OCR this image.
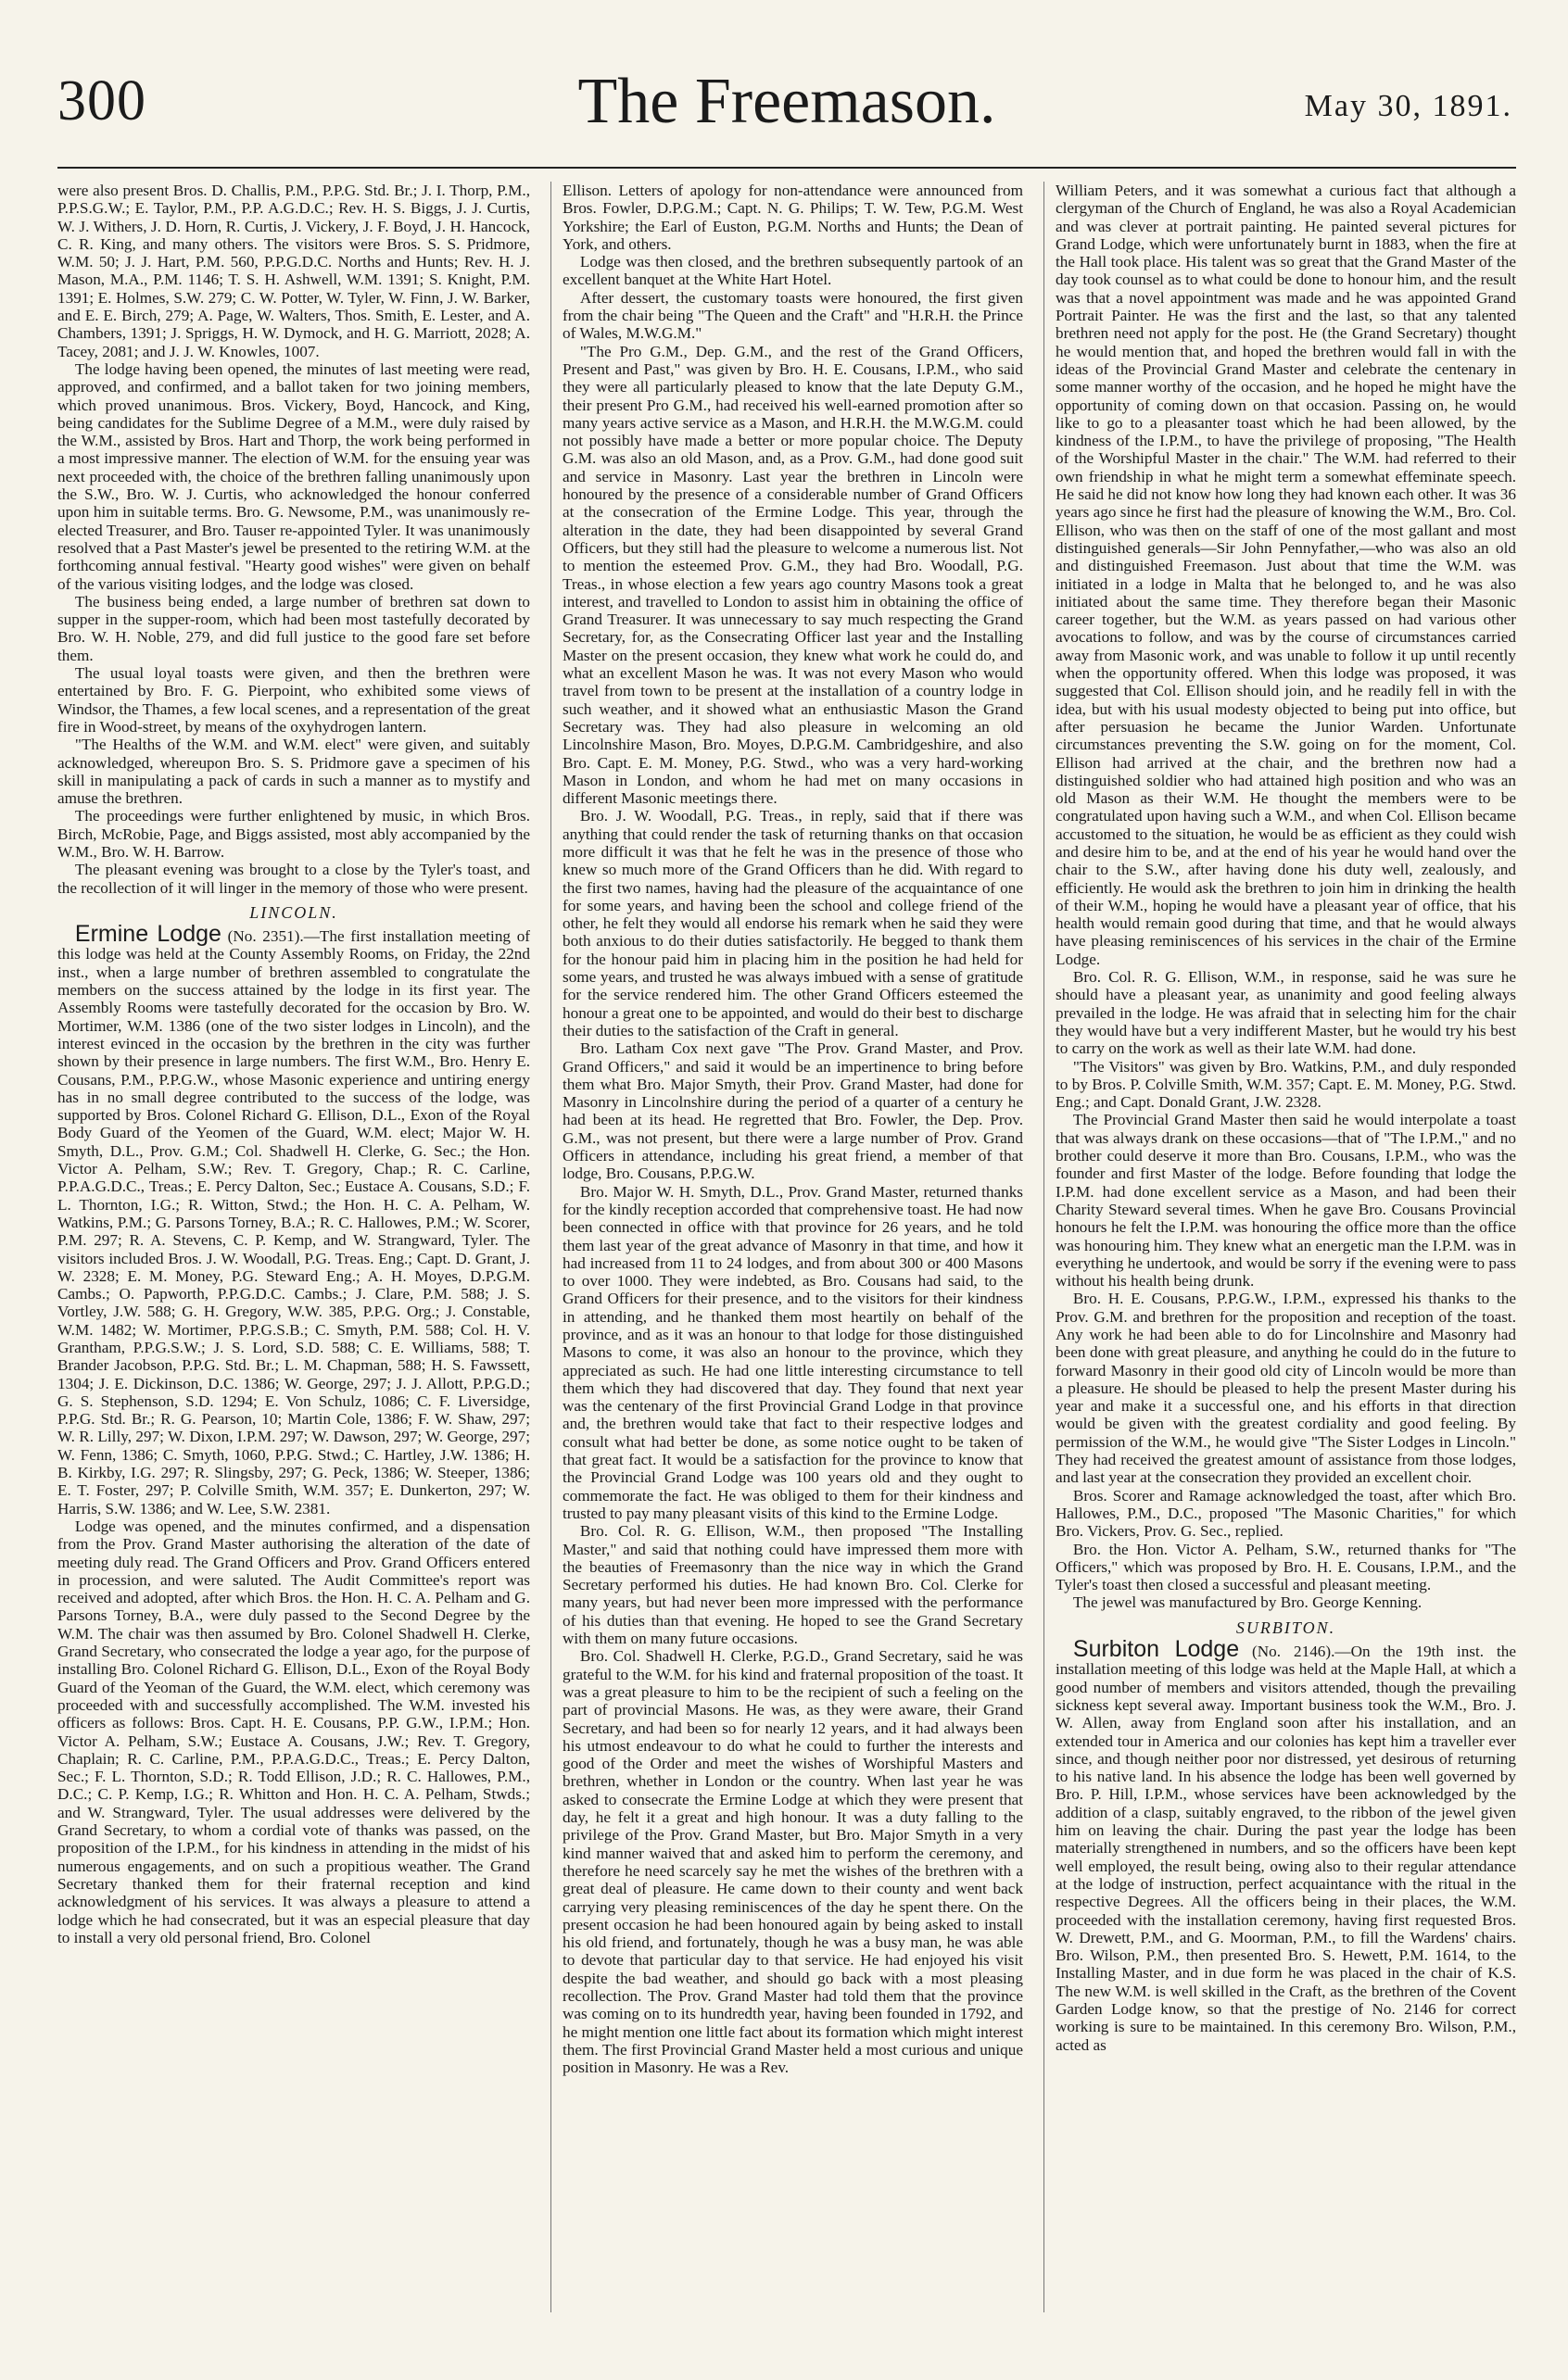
300	The Freemason.	May 30, 1891.

were also present Bros. D. Challis, P.M., P.P.G. Std. Br.; J. I. Thorp, P.M., P.P.S.G.W.; E. Taylor, P.M., P.P. A.G.D.C.; Rev. H. S. Biggs, J. J. Curtis, W. J. Withers, J. D. Horn, R. Curtis, J. Vickery, J. F. Boyd, J. H. Hancock, C. R. King, and many others. The visitors were Bros. S. S. Pridmore, W.M. 50; J. J. Hart, P.M. 560, P.P.G.D.C. Norths and Hunts; Rev. H. J. Mason, M.A., P.M. 1146; T. S. H. Ashwell, W.M. 1391; S. Knight, P.M. 1391; E. Holmes, S.W. 279; C. W. Potter, W. Tyler, W. Finn, J. W. Barker, and E. E. Birch, 279; A. Page, W. Walters, Thos. Smith, E. Lester, and A. Chambers, 1391; J. Spriggs, H. W. Dymock, and H. G. Marriott, 2028; A. Tacey, 2081; and J. J. W. Knowles, 1007.

The lodge having been opened, the minutes of last meeting were read, approved, and confirmed, and a ballot taken for two joining members, which proved unanimous. Bros. Vickery, Boyd, Hancock, and King, being candidates for the Sublime Degree of a M.M., were duly raised by the W.M., assisted by Bros. Hart and Thorp, the work being performed in a most impressive manner. The election of W.M. for the ensuing year was next proceeded with, the choice of the brethren falling unanimously upon the S.W., Bro. W. J. Curtis, who acknowledged the honour conferred upon him in suitable terms. Bro. G. Newsome, P.M., was unanimously re-elected Treasurer, and Bro. Tauser re-appointed Tyler. It was unanimously resolved that a Past Master's jewel be presented to the retiring W.M. at the forthcoming annual festival. "Hearty good wishes" were given on behalf of the various visiting lodges, and the lodge was closed.

The business being ended, a large number of brethren sat down to supper in the supper-room, which had been most tastefully decorated by Bro. W. H. Noble, 279, and did full justice to the good fare set before them.

The usual loyal toasts were given, and then the brethren were entertained by Bro. F. G. Pierpoint, who exhibited some views of Windsor, the Thames, a few local scenes, and a representation of the great fire in Wood-street, by means of the oxyhydrogen lantern.

"The Healths of the W.M. and W.M. elect" were given, and suitably acknowledged, whereupon Bro. S. S. Pridmore gave a specimen of his skill in manipulating a pack of cards in such a manner as to mystify and amuse the brethren.

The proceedings were further enlightened by music, in which Bros. Birch, McRobie, Page, and Biggs assisted, most ably accompanied by the W.M., Bro. W. H. Barrow.

The pleasant evening was brought to a close by the Tyler's toast, and the recollection of it will linger in the memory of those who were present.

LINCOLN.

Ermine Lodge (No. 2351).—The first installation meeting of this lodge was held at the County Assembly Rooms, on Friday, the 22nd inst., when a large number of brethren assembled to congratulate the members on the success attained by the lodge in its first year. The Assembly Rooms were tastefully decorated for the occasion by Bro. W. Mortimer, W.M. 1386 (one of the two sister lodges in Lincoln), and the interest evinced in the occasion by the brethren in the city was further shown by their presence in large numbers. The first W.M., Bro. Henry E. Cousans, P.M., P.P.G.W., whose Masonic experience and untiring energy has in no small degree contributed to the success of the lodge, was supported by Bros. Colonel Richard G. Ellison, D.L., Exon of the Royal Body Guard of the Yeomen of the Guard, W.M. elect; Major W. H. Smyth, D.L., Prov. G.M.; Col. Shadwell H. Clerke, G. Sec.; the Hon. Victor A. Pelham, S.W.; Rev. T. Gregory, Chap.; R. C. Carline, P.P.A.G.D.C., Treas.; E. Percy Dalton, Sec.; Eustace A. Cousans, S.D.; F. L. Thornton, I.G.; R. Witton, Stwd.; the Hon. H. C. A. Pelham, W. Watkins, P.M.; G. Parsons Torney, B.A.; R. C. Hallowes, P.M.; W. Scorer, P.M. 297; R. A. Stevens, C. P. Kemp, and W. Strangward, Tyler. The visitors included Bros. J. W. Woodall, P.G. Treas. Eng.; Capt. D. Grant, J. W. 2328; E. M. Money, P.G. Steward Eng.; A. H. Moyes, D.P.G.M. Cambs.; O. Papworth, P.P.G.D.C. Cambs.; J. Clare, P.M. 588; J. S. Vortley, J.W. 588; G. H. Gregory, W.W. 385, P.P.G. Org.; J. Constable, W.M. 1482; W. Mortimer, P.P.G.S.B.; C. Smyth, P.M. 588; Col. H. V. Grantham, P.P.G.S.W.; J. S. Lord, S.D. 588; C. E. Williams, 588; T. Brander Jacobson, P.P.G. Std. Br.; L. M. Chapman, 588; H. S. Fawssett, 1304; J. E. Dickinson, D.C. 1386; W. George, 297; J. J. Allott, P.P.G.D.; G. S. Stephenson, S.D. 1294; E. Von Schulz, 1086; C. F. Liversidge, P.P.G. Std. Br.; R. G. Pearson, 10; Martin Cole, 1386; F. W. Shaw, 297; W. R. Lilly, 297; W. Dixon, I.P.M. 297; W. Dawson, 297; W. George, 297; W. Fenn, 1386; C. Smyth, 1060, P.P.G. Stwd.; C. Hartley, J.W. 1386; H. B. Kirkby, I.G. 297; R. Slingsby, 297; G. Peck, 1386; W. Steeper, 1386; E. T. Foster, 297; P. Colville Smith, W.M. 357; E. Dunkerton, 297; W. Harris, S.W. 1386; and W. Lee, S.W. 2381.

Lodge was opened, and the minutes confirmed, and a dispensation from the Prov. Grand Master authorising the alteration of the date of meeting duly read. The Grand Officers and Prov. Grand Officers entered in procession, and were saluted. The Audit Committee's report was received and adopted, after which Bros. the Hon. H. C. A. Pelham and G. Parsons Torney, B.A., were duly passed to the Second Degree by the W.M. The chair was then assumed by Bro. Colonel Shadwell H. Clerke, Grand Secretary, who consecrated the lodge a year ago, for the purpose of installing Bro. Colonel Richard G. Ellison, D.L., Exon of the Royal Body Guard of the Yeoman of the Guard, the W.M. elect, which ceremony was proceeded with and successfully accomplished. The W.M. invested his officers as follows: Bros. Capt. H. E. Cousans, P.P. G.W., I.P.M.; Hon. Victor A. Pelham, S.W.; Eustace A. Cousans, J.W.; Rev. T. Gregory, Chaplain; R. C. Carline, P.M., P.P.A.G.D.C., Treas.; E. Percy Dalton, Sec.; F. L. Thornton, S.D.; R. Todd Ellison, J.D.; R. C. Hallowes, P.M., D.C.; C. P. Kemp, I.G.; R. Whitton and Hon. H. C. A. Pelham, Stwds.; and W. Strangward, Tyler. The usual addresses were delivered by the Grand Secretary, to whom a cordial vote of thanks was passed, on the proposition of the I.P.M., for his kindness in attending in the midst of his numerous engagements, and on such a propitious weather. The Grand Secretary thanked them for their fraternal reception and kind acknowledgment of his services. It was always a pleasure to attend a lodge which he had consecrated, but it was an especial pleasure that day to install a very old personal friend, Bro. Colonel

Ellison. Letters of apology for non-attendance were announced from Bros. Fowler, D.P.G.M.; Capt. N. G. Philips; T. W. Tew, P.G.M. West Yorkshire; the Earl of Euston, P.G.M. Norths and Hunts; the Dean of York, and others.

Lodge was then closed, and the brethren subsequently partook of an excellent banquet at the White Hart Hotel.

After dessert, the customary toasts were honoured, the first given from the chair being "The Queen and the Craft" and "H.R.H. the Prince of Wales, M.W.G.M."

"The Pro G.M., Dep. G.M., and the rest of the Grand Officers, Present and Past," was given by Bro. H. E. Cousans, I.P.M., who said they were all particularly pleased to know that the late Deputy G.M., their present Pro G.M., had received his well-earned promotion after so many years active service as a Mason, and H.R.H. the M.W.G.M. could not possibly have made a better or more popular choice. The Deputy G.M. was also an old Mason, and, as a Prov. G.M., had done good suit and service in Masonry. Last year the brethren in Lincoln were honoured by the presence of a considerable number of Grand Officers at the consecration of the Ermine Lodge. This year, through the alteration in the date, they had been disappointed by several Grand Officers, but they still had the pleasure to welcome a numerous list. Not to mention the esteemed Prov. G.M., they had Bro. Woodall, P.G. Treas., in whose election a few years ago country Masons took a great interest, and travelled to London to assist him in obtaining the office of Grand Treasurer. It was unnecessary to say much respecting the Grand Secretary, for, as the Consecrating Officer last year and the Installing Master on the present occasion, they knew what work he could do, and what an excellent Mason he was. It was not every Mason who would travel from town to be present at the installation of a country lodge in such weather, and it showed what an enthusiastic Mason the Grand Secretary was. They had also pleasure in welcoming an old Lincolnshire Mason, Bro. Moyes, D.P.G.M. Cambridgeshire, and also Bro. Capt. E. M. Money, P.G. Stwd., who was a very hard-working Mason in London, and whom he had met on many occasions in different Masonic meetings there.

Bro. J. W. Woodall, P.G. Treas., in reply, said that if there was anything that could render the task of returning thanks on that occasion more difficult it was that he felt he was in the presence of those who knew so much more of the Grand Officers than he did. With regard to the first two names, having had the pleasure of the acquaintance of one for some years, and having been the school and college friend of the other, he felt they would all endorse his remark when he said they were both anxious to do their duties satisfactorily. He begged to thank them for the honour paid him in placing him in the position he had held for some years, and trusted he was always imbued with a sense of gratitude for the service rendered him. The other Grand Officers esteemed the honour a great one to be appointed, and would do their best to discharge their duties to the satisfaction of the Craft in general.

Bro. Latham Cox next gave "The Prov. Grand Master, and Prov. Grand Officers," and said it would be an impertinence to bring before them what Bro. Major Smyth, their Prov. Grand Master, had done for Masonry in Lincolnshire during the period of a quarter of a century he had been at its head. He regretted that Bro. Fowler, the Dep. Prov. G.M., was not present, but there were a large number of Prov. Grand Officers in attendance, including his great friend, a member of that lodge, Bro. Cousans, P.P.G.W.

Bro. Major W. H. Smyth, D.L., Prov. Grand Master, returned thanks for the kindly reception accorded that comprehensive toast. He had now been connected in office with that province for 26 years, and he told them last year of the great advance of Masonry in that time, and how it had increased from 11 to 24 lodges, and from about 300 or 400 Masons to over 1000. They were indebted, as Bro. Cousans had said, to the Grand Officers for their presence, and to the visitors for their kindness in attending, and he thanked them most heartily on behalf of the province, and as it was an honour to that lodge for those distinguished Masons to come, it was also an honour to the province, which they appreciated as such. He had one little interesting circumstance to tell them which they had discovered that day. They found that next year was the centenary of the first Provincial Grand Lodge in that province and, the brethren would take that fact to their respective lodges and consult what had better be done, as some notice ought to be taken of that great fact. It would be a satisfaction for the province to know that the Provincial Grand Lodge was 100 years old and they ought to commemorate the fact. He was obliged to them for their kindness and trusted to pay many pleasant visits of this kind to the Ermine Lodge.

Bro. Col. R. G. Ellison, W.M., then proposed "The Installing Master," and said that nothing could have impressed them more with the beauties of Freemasonry than the nice way in which the Grand Secretary performed his duties. He had known Bro. Col. Clerke for many years, but had never been more impressed with the performance of his duties than that evening. He hoped to see the Grand Secretary with them on many future occasions.

Bro. Col. Shadwell H. Clerke, P.G.D., Grand Secretary, said he was grateful to the W.M. for his kind and fraternal proposition of the toast. It was a great pleasure to him to be the recipient of such a feeling on the part of provincial Masons. He was, as they were aware, their Grand Secretary, and had been so for nearly 12 years, and it had always been his utmost endeavour to do what he could to further the interests and good of the Order and meet the wishes of Worshipful Masters and brethren, whether in London or the country. When last year he was asked to consecrate the Ermine Lodge at which they were present that day, he felt it a great and high honour. It was a duty falling to the privilege of the Prov. Grand Master, but Bro. Major Smyth in a very kind manner waived that and asked him to perform the ceremony, and therefore he need scarcely say he met the wishes of the brethren with a great deal of pleasure. He came down to their county and went back carrying very pleasing reminiscences of the day he spent there. On the present occasion he had been honoured again by being asked to install his old friend, and fortunately, though he was a busy man, he was able to devote that particular day to that service. He had enjoyed his visit despite the bad weather, and should go back with a most pleasing recollection. The Prov. Grand Master had told them that the province was coming on to its hundredth year, having been founded in 1792, and he might mention one little fact about its formation which might interest them. The first Provincial Grand Master held a most curious and unique position in Masonry. He was a Rev.

William Peters, and it was somewhat a curious fact that although a clergyman of the Church of England, he was also a Royal Academician and was clever at portrait painting. He painted several pictures for Grand Lodge, which were unfortunately burnt in 1883, when the fire at the Hall took place. His talent was so great that the Grand Master of the day took counsel as to what could be done to honour him, and the result was that a novel appointment was made and he was appointed Grand Portrait Painter. He was the first and the last, so that any talented brethren need not apply for the post. He (the Grand Secretary) thought he would mention that, and hoped the brethren would fall in with the ideas of the Provincial Grand Master and celebrate the centenary in some manner worthy of the occasion, and he hoped he might have the opportunity of coming down on that occasion. Passing on, he would like to go to a pleasanter toast which he had been allowed, by the kindness of the I.P.M., to have the privilege of proposing, "The Health of the Worshipful Master in the chair." The W.M. had referred to their own friendship in what he might term a somewhat effeminate speech. He said he did not know how long they had known each other. It was 36 years ago since he first had the pleasure of knowing the W.M., Bro. Col. Ellison, who was then on the staff of one of the most gallant and most distinguished generals—Sir John Pennyfather,—who was also an old and distinguished Freemason. Just about that time the W.M. was initiated in a lodge in Malta that he belonged to, and he was also initiated about the same time. They therefore began their Masonic career together, but the W.M. as years passed on had various other avocations to follow, and was by the course of circumstances carried away from Masonic work, and was unable to follow it up until recently when the opportunity offered. When this lodge was proposed, it was suggested that Col. Ellison should join, and he readily fell in with the idea, but with his usual modesty objected to being put into office, but after persuasion he became the Junior Warden. Unfortunate circumstances preventing the S.W. going on for the moment, Col. Ellison had arrived at the chair, and the brethren now had a distinguished soldier who had attained high position and who was an old Mason as their W.M. He thought the members were to be congratulated upon having such a W.M., and when Col. Ellison became accustomed to the situation, he would be as efficient as they could wish and desire him to be, and at the end of his year he would hand over the chair to the S.W., after having done his duty well, zealously, and efficiently. He would ask the brethren to join him in drinking the health of their W.M., hoping he would have a pleasant year of office, that his health would remain good during that time, and that he would always have pleasing reminiscences of his services in the chair of the Ermine Lodge.

Bro. Col. R. G. Ellison, W.M., in response, said he was sure he should have a pleasant year, as unanimity and good feeling always prevailed in the lodge. He was afraid that in selecting him for the chair they would have but a very indifferent Master, but he would try his best to carry on the work as well as their late W.M. had done.

"The Visitors" was given by Bro. Watkins, P.M., and duly responded to by Bros. P. Colville Smith, W.M. 357; Capt. E. M. Money, P.G. Stwd. Eng.; and Capt. Donald Grant, J.W. 2328.

The Provincial Grand Master then said he would interpolate a toast that was always drank on these occasions—that of "The I.P.M.," and no brother could deserve it more than Bro. Cousans, I.P.M., who was the founder and first Master of the lodge. Before founding that lodge the I.P.M. had done excellent service as a Mason, and had been their Charity Steward several times. When he gave Bro. Cousans Provincial honours he felt the I.P.M. was honouring the office more than the office was honouring him. They knew what an energetic man the I.P.M. was in everything he undertook, and would be sorry if the evening were to pass without his health being drunk.

Bro. H. E. Cousans, P.P.G.W., I.P.M., expressed his thanks to the Prov. G.M. and brethren for the proposition and reception of the toast. Any work he had been able to do for Lincolnshire and Masonry had been done with great pleasure, and anything he could do in the future to forward Masonry in their good old city of Lincoln would be more than a pleasure. He should be pleased to help the present Master during his year and make it a successful one, and his efforts in that direction would be given with the greatest cordiality and good feeling. By permission of the W.M., he would give "The Sister Lodges in Lincoln." They had received the greatest amount of assistance from those lodges, and last year at the consecration they provided an excellent choir.

Bros. Scorer and Ramage acknowledged the toast, after which Bro. Hallowes, P.M., D.C., proposed "The Masonic Charities," for which Bro. Vickers, Prov. G. Sec., replied.

Bro. the Hon. Victor A. Pelham, S.W., returned thanks for "The Officers," which was proposed by Bro. H. E. Cousans, I.P.M., and the Tyler's toast then closed a successful and pleasant meeting.

The jewel was manufactured by Bro. George Kenning.

SURBITON.

Surbiton Lodge (No. 2146).—On the 19th inst. the installation meeting of this lodge was held at the Maple Hall, at which a good number of members and visitors attended, though the prevailing sickness kept several away. Important business took the W.M., Bro. J. W. Allen, away from England soon after his installation, and an extended tour in America and our colonies has kept him a traveller ever since, and though neither poor nor distressed, yet desirous of returning to his native land. In his absence the lodge has been well governed by Bro. P. Hill, I.P.M., whose services have been acknowledged by the addition of a clasp, suitably engraved, to the ribbon of the jewel given him on leaving the chair. During the past year the lodge has been materially strengthened in numbers, and so the officers have been kept well employed, the result being, owing also to their regular attendance at the lodge of instruction, perfect acquaintance with the ritual in the respective Degrees. All the officers being in their places, the W.M. proceeded with the installation ceremony, having first requested Bros. W. Drewett, P.M., and G. Moorman, P.M., to fill the Wardens' chairs. Bro. Wilson, P.M., then presented Bro. S. Hewett, P.M. 1614, to the Installing Master, and in due form he was placed in the chair of K.S. The new W.M. is well skilled in the Craft, as the brethren of the Covent Garden Lodge know, so that the prestige of No. 2146 for correct working is sure to be maintained. In this ceremony Bro. Wilson, P.M., acted as
